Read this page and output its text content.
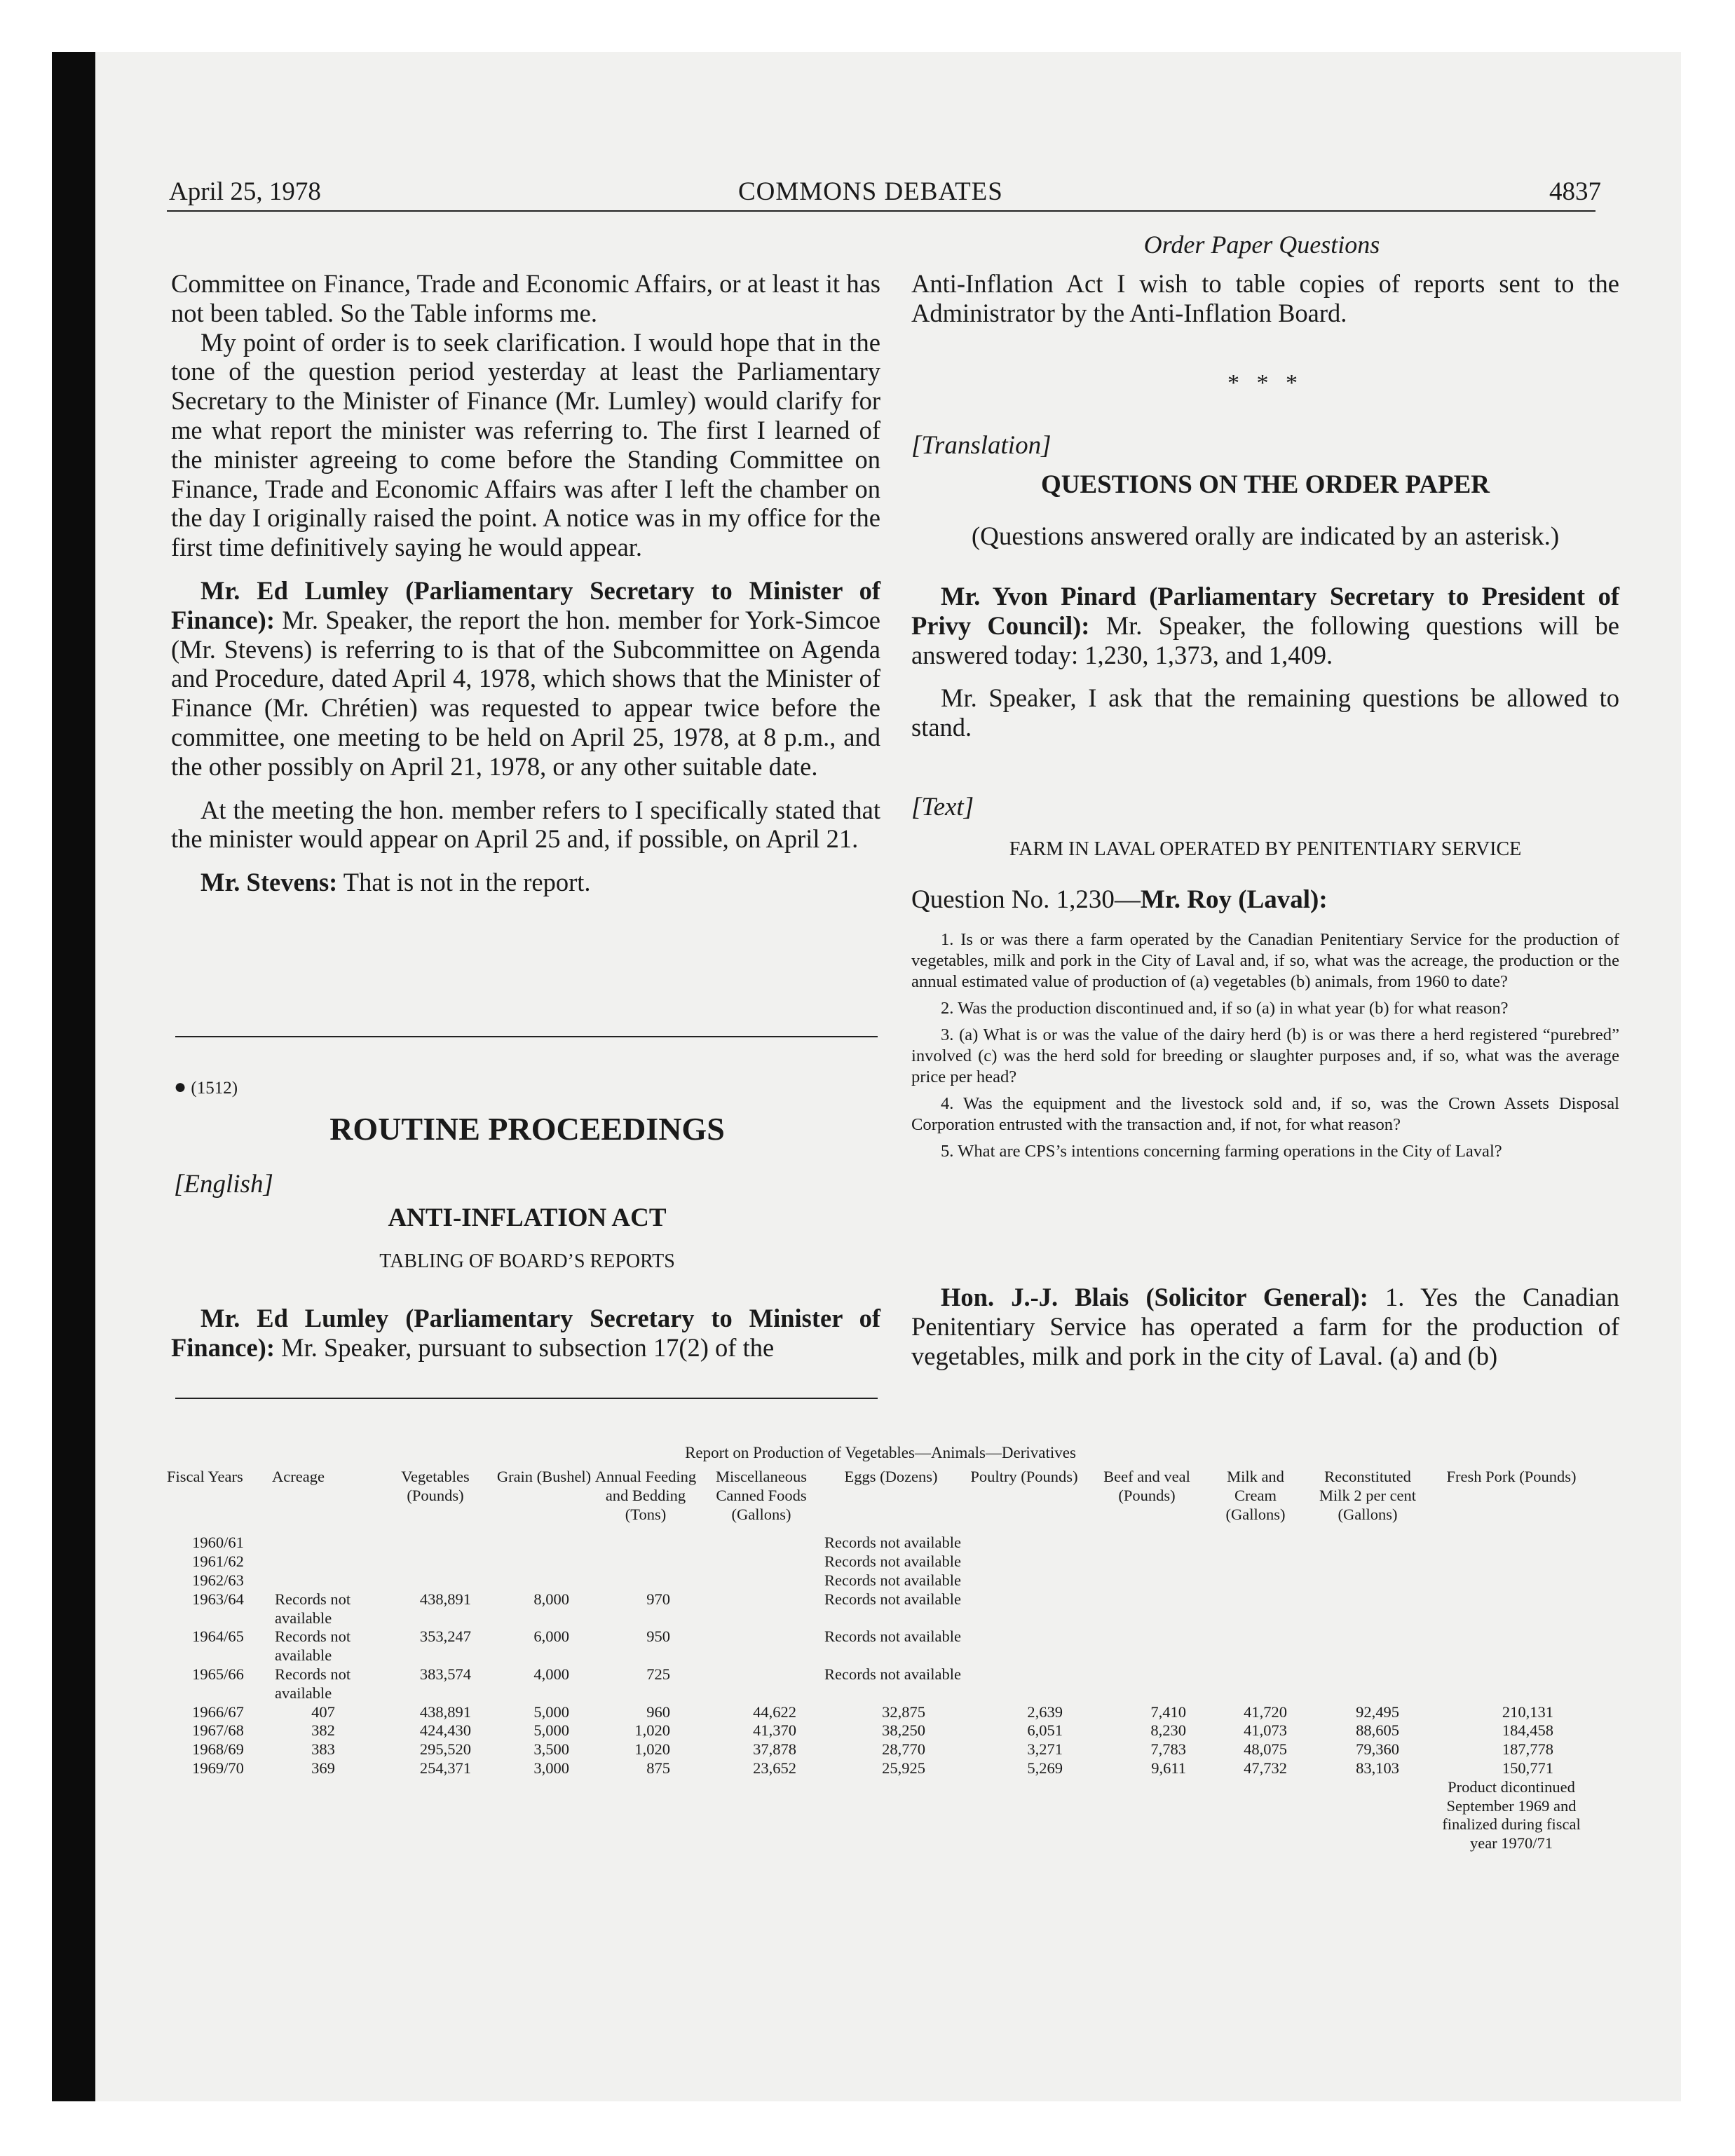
April 25, 1978	COMMONS DEBATES	4837
Order Paper Questions

Committee on Finance, Trade and Economic Affairs, or at least it has not been tabled. So the Table informs me.

My point of order is to seek clarification. I would hope that in the tone of the question period yesterday at least the Parliamentary Secretary to the Minister of Finance (Mr. Lumley) would clarify for me what report the minister was referring to. The first I learned of the minister agreeing to come before the Standing Committee on Finance, Trade and Economic Affairs was after I left the chamber on the day I originally raised the point. A notice was in my office for the first time definitively saying he would appear.

Mr. Ed Lumley (Parliamentary Secretary to Minister of Finance): Mr. Speaker, the report the hon. member for York-Simcoe (Mr. Stevens) is referring to is that of the Subcommittee on Agenda and Procedure, dated April 4, 1978, which shows that the Minister of Finance (Mr. Chrétien) was requested to appear twice before the committee, one meeting to be held on April 25, 1978, at 8 p.m., and the other possibly on April 21, 1978, or any other suitable date.

At the meeting the hon. member refers to I specifically stated that the minister would appear on April 25 and, if possible, on April 21.

Mr. Stevens: That is not in the report.

● (1512)
ROUTINE PROCEEDINGS
[English]
ANTI-INFLATION ACT
TABLING OF BOARD’S REPORTS

Mr. Ed Lumley (Parliamentary Secretary to Minister of Finance): Mr. Speaker, pursuant to subsection 17(2) of the

Anti-Inflation Act I wish to table copies of reports sent to the Administrator by the Anti-Inflation Board.

* * *
[Translation]
QUESTIONS ON THE ORDER PAPER
(Questions answered orally are indicated by an asterisk.)

Mr. Yvon Pinard (Parliamentary Secretary to President of Privy Council): Mr. Speaker, the following questions will be answered today: 1,230, 1,373, and 1,409.

Mr. Speaker, I ask that the remaining questions be allowed to stand.

[Text]
FARM IN LAVAL OPERATED BY PENITENTIARY SERVICE
Question No. 1,230—Mr. Roy (Laval):

1. Is or was there a farm operated by the Canadian Penitentiary Service for the production of vegetables, milk and pork in the City of Laval and, if so, what was the acreage, the production or the annual estimated value of production of (a) vegetables (b) animals, from 1960 to date?

2. Was the production discontinued and, if so (a) in what year (b) for what reason?

3. (a) What is or was the value of the dairy herd (b) is or was there a herd registered “purebred” involved (c) was the herd sold for breeding or slaughter purposes and, if so, what was the average price per head?

4. Was the equipment and the livestock sold and, if so, was the Crown Assets Disposal Corporation entrusted with the transaction and, if not, for what reason?

5. What are CPS’s intentions concerning farming operations in the City of Laval?

Hon. J.-J. Blais (Solicitor General): 1. Yes the Canadian Penitentiary Service has operated a farm for the production of vegetables, milk and pork in the city of Laval. (a) and (b)

Report on Production of Vegetables—Animals—Derivatives
Fiscal Years	Acreage	Vegetables (Pounds)	Grain (Bushel)	Annual Feeding and Bedding (Tons)	Miscellaneous Canned Foods (Gallons)	Eggs (Dozens)	Poultry (Pounds)	Beef and veal (Pounds)	Milk and Cream (Gallons)	Reconstituted Milk 2 per cent (Gallons)	Fresh Pork (Pounds)

1960/61						Records not available					
1961/62						Records not available					
1962/63						Records not available					
1963/64	Records not available	438,891	8,000	970		Records not available					
1964/65	Records not available	353,247	6,000	950		Records not available					
1965/66	Records not available	383,574	4,000	725		Records not available					
1966/67	407	438,891	5,000	960	44,622	32,875	2,639	7,410	41,720	92,495	210,131
1967/68	382	424,430	5,000	1,020	41,370	38,250	6,051	8,230	41,073	88,605	184,458
1968/69	383	295,520	3,500	1,020	37,878	28,770	3,271	7,783	48,075	79,360	187,778
1969/70	369	254,371	3,000	875	23,652	25,925	5,269	9,611	47,732	83,103	150,771
											Product dicontinued September 1969 and finalized during fiscal year 1970/71
